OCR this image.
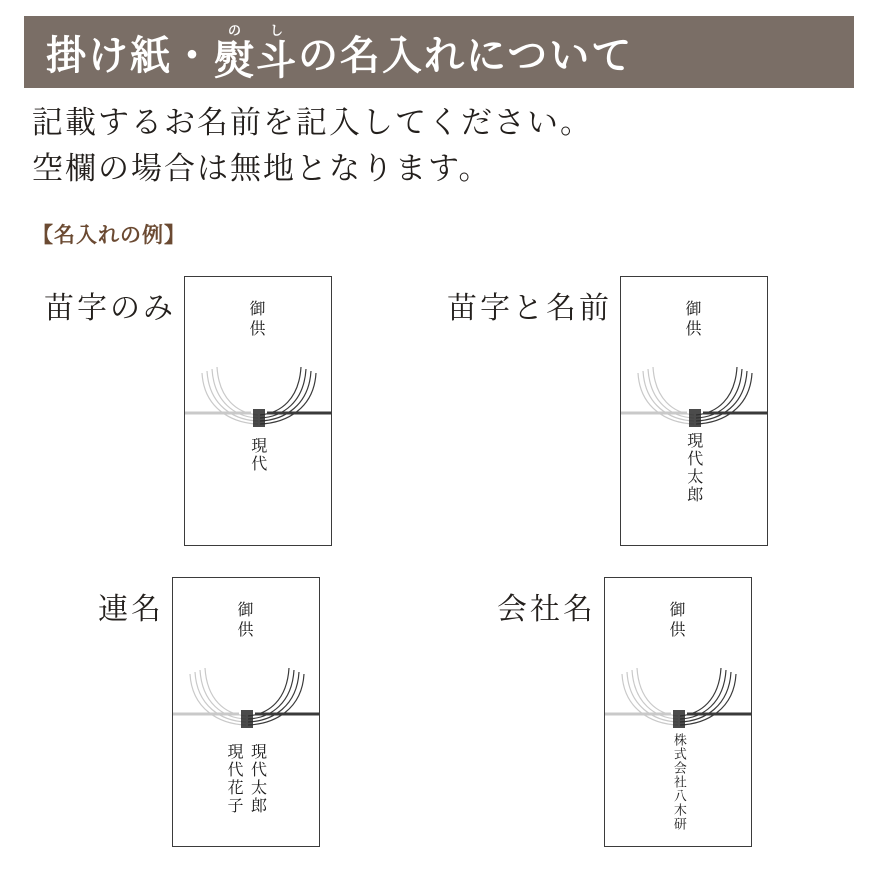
掛け紙・
の
熨
し
斗 の名入れについて
記載するお名前を記入してください。
空欄の場合は無地となります。
【名入れの例】
苗字のみ	御
供
現代
苗字と名前	御
供
現代太郎
連名	御
供
現代花子 現代太郎
会社名	御
供
株式会社八木研
